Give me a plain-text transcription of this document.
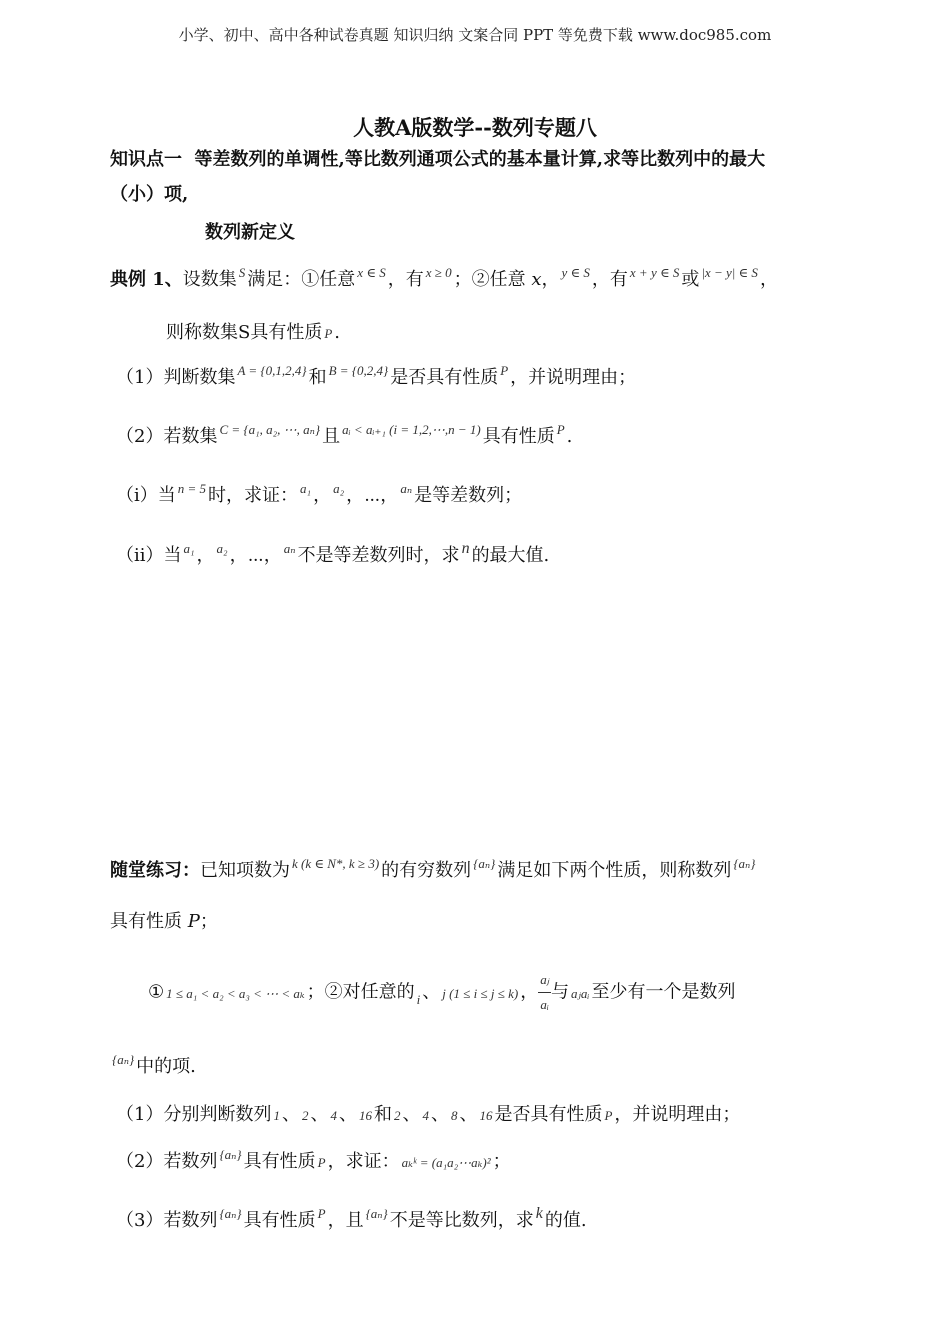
小学、初中、高中各种试卷真题 知识归纳 文案合同 PPT 等免费下载 www.doc985.com
人教A版数学--数列专题八
知识点一 等差数列的单调性,等比数列通项公式的基本量计算,求等比数列中的最大
（小）项,
数列新定义
典例 1、设数集 $^S$ 满足：①任意 $^{x \in S}$ ，有 $^{x \ge 0}$ ；②任意 x， $^{y \in S}$ ，有 $^{x + y \in S}$ 或 $^{|x - y| \in S}$ ，
则称数集S具有性质 P .
（1）判断数集 $^{A = \{0,1,2,4\}}$ 和 $^{B = \{0,2,4\}}$ 是否具有性质 $^P$ ，并说明理由；
（2）若数集 $^{C = \{a_1, a_2, \cdots, a_n\}}$ 且 $^{aᵢ < aᵢ_{+1} (i = 1,2,\cdots,n - 1)}$ 具有性质 $^P$ .
（i）当 $^{n = 5}$ 时，求证： $^{a_1}$ ， $^{a_2}$ ，⋯， $^{a_n}$ 是等差数列；
（ii）当 $^{a_1}$ ， $^{a_2}$ ，⋯， $^{a_n}$ 不是等差数列时，求 n 的最大值.
随堂练习：已知项数为 $^{k (k \in N*, k \ge 3)}$ 的有穷数列 $^{\{a_n\}}$ 满足如下两个性质，则称数列 $^{\{a_n\}}$
具有性质 P；
① 1 ≤ a₁ < a₂ < a₃ < ⋯ < aₖ ；②对任意的 $_i$ 、 j (1 ≤ i ≤ j ≤ k) ， $\frac{\text{aⱼ}}{\text{aᵢ}}$ 与 aⱼaᵢ 至少有一个是数列
$^{\{a_n\}}$ 中的项.
（1）分别判断数列 1 、 2 、 4 、 16 和 2 、 4 、 8 、 16 是否具有性质 P ，并说明理由；
（2）若数列 $^{\{a_n\}}$ 具有性质 P ，求证： aₖᵏ = (a₁a₂⋯aₖ)² ；
（3）若数列 $^{\{a_n\}}$ 具有性质 $^P$ ，且 $^{\{a_n\}}$ 不是等比数列，求 k 的值.
